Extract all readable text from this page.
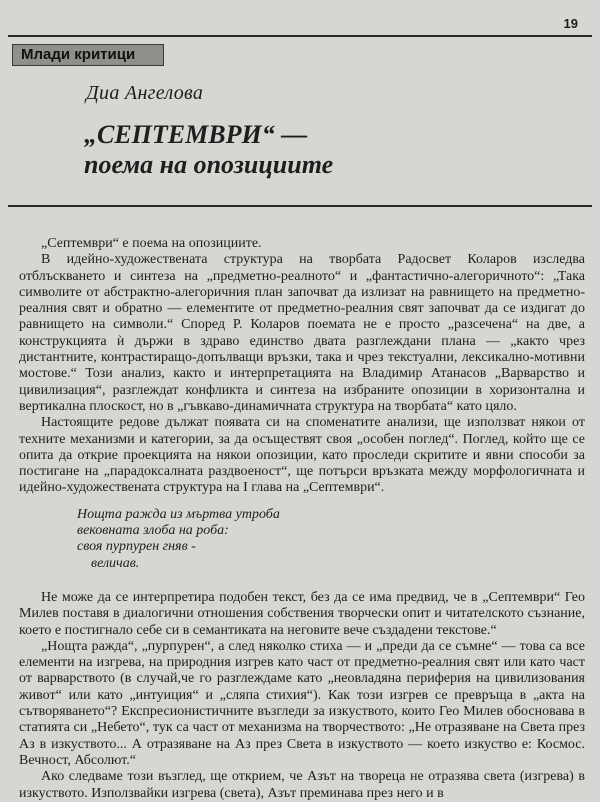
19
Млади критици
Диа Ангелова
„СЕПТЕМВРИ“ —
поема на опозициите

„Септември“ е поема на опозициите.

В идейно-художествената структура на творбата Радосвет Коларов изследва отблъскването и синтеза на „предметно-реалното“ и „фантастично-алегоричното“: „Така символите от абстрактно-алегоричния план започват да излизат на равнището на предметно-реалния свят и обратно — елементите от предметно-реалния свят започват да се издигат до равнището на символи.“ Според Р. Коларов поемата не е просто „разсечена“ на две, а конструкцията ѝ държи в здраво единство двата разглеждани плана — „както чрез дистантните, контрастиращо-допълващи връзки, така и чрез текстуални, лексикално-мотивни мостове.“ Този анализ, както и интерпретацията на Владимир Атанасов „Варварство и цивилизация“, разглеждат конфликта и синтеза на избраните опозиции в хоризонтална и вертикална плоскост, но в „гъвкаво-динамичната структура на творбата“ като цяло.

Настоящите редове дължат появата си на споменатите анализи, ще използват някои от техните механизми и категории, за да осъществят своя „особен поглед“. Поглед, който ще се опита да открие проекцията на някои опозиции, като проследи скритите и явни способи за постигане на „парадоксалната раздвоеност“, ще потърси връзката между морфологичната и идейно-художествената структура на I глава на „Септември“.

Нощта ражда из мъртва утроба
вековната злоба на роба:
своя пурпурен гняв -
величав.

Не може да се интерпретира подобен текст, без да се има предвид, че в „Септември“ Гео Милев поставя в диалогични отношения собствения творчески опит и читателското съзнание, което е постигнало себе си в семантиката на неговите вече създадени текстове.“

„Нощта ражда“, „пурпурен“, а след няколко стиха — и „преди да се съмне“ — това са все елементи на изгрева, на природния изгрев като част от предметно-реалния свят или като част от варварството (в случай,че го разглеждаме като „неовладяна периферия на цивилизования живот“ или като „интуиция“ и „сляпа стихия“). Как този изгрев се превръща в „акта на сътворяването“? Експресионистичните възгледи за изкуството, които Гео Милев обосновава в статията си „Небето“, тук са част от механизма на творчеството: „Не отразяване на Света през Аз в изкуството... А отразяване на Аз през Света в изкуството — което изкуство е: Космос. Вечност, Абсолют.“

Ако следваме този възглед, ще открием, че Азът на твореца не отразява света (изгрева) в изкуството. Използвайки изгрева (света), Азът преминава през него и в
